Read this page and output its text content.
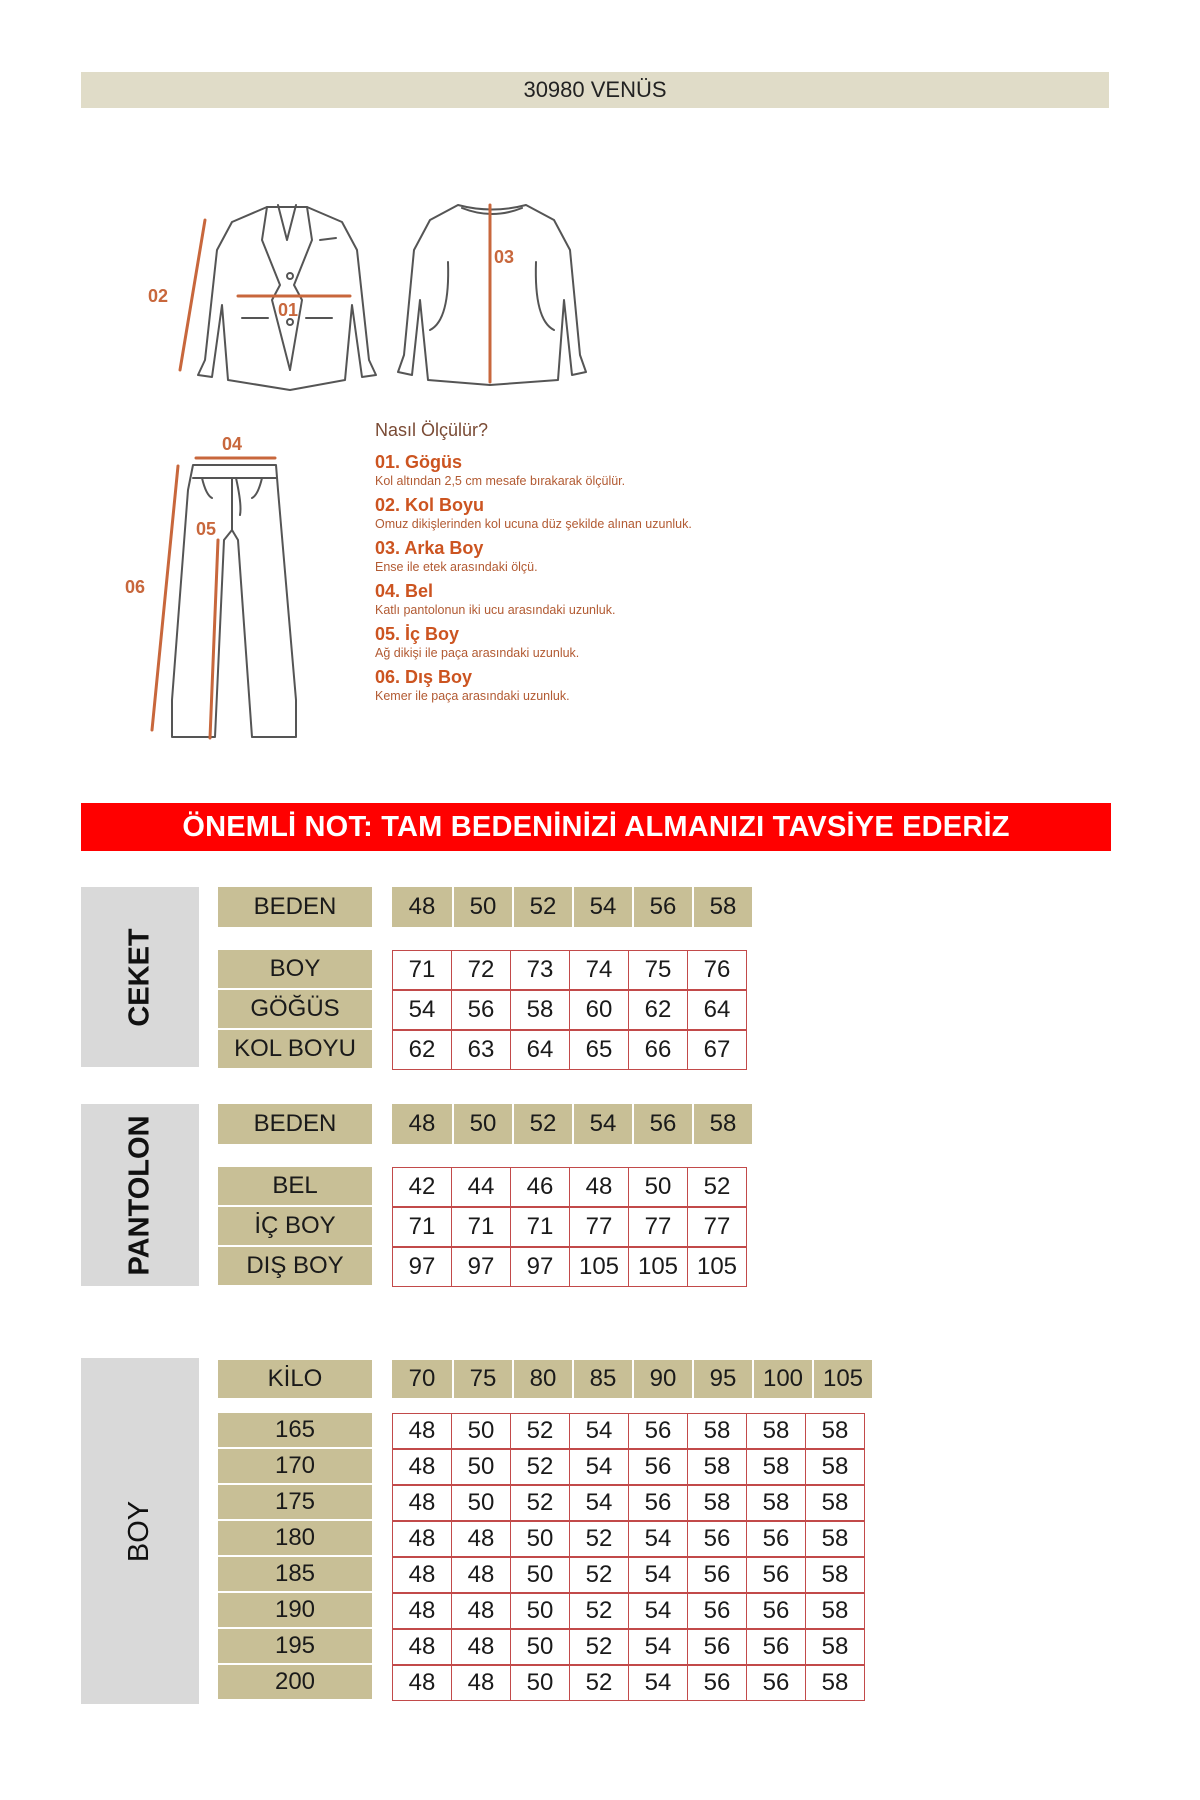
30980 VENÜS
02
01
03
04
05
06
Nasıl Ölçülür?
01. Gögüs
Kol altından 2,5 cm mesafe bırakarak ölçülür.
02. Kol Boyu
Omuz dikişlerinden kol ucuna düz şekilde alınan uzunluk.
03. Arka Boy
Ense ile etek arasındaki ölçü.
04. Bel
Katlı pantolonun iki ucu arasındaki uzunluk.
05. İç Boy
Ağ dikişi ile paça arasındaki uzunluk.
06. Dış Boy
Kemer ile paça arasındaki uzunluk.
ÖNEMLİ NOT: TAM BEDENİNİZİ ALMANIZI TAVSİYE EDERİZ
CEKET
BEDEN	48	50	52	54	56	58
BOY	71	72	73	74	75	76
GÖĞÜS	54	56	58	60	62	64
KOL BOYU	62	63	64	65	66	67
PANTOLON	BEDEN	48	50	52	54	56	58
BEL	42	44	46	48	50	52
İÇ BOY	71	71	71	77	77	77
DIŞ BOY	97	97	97	105 105 105
BOY
KİLO	70	75	80	85	90	95	100 105
165	48	50	52	54	56	58	58	58
170	48	50	52	54	56	58	58	58
175	48	50	52	54	56	58	58	58
180	48	48	50	52	54	56	56	58
185	48	48	50	52	54	56	56	58
190	48	48	50	52	54	56	56	58
195	48	48	50	52	54	56	56	58
200	48	48	50	52	54	56	56	58
